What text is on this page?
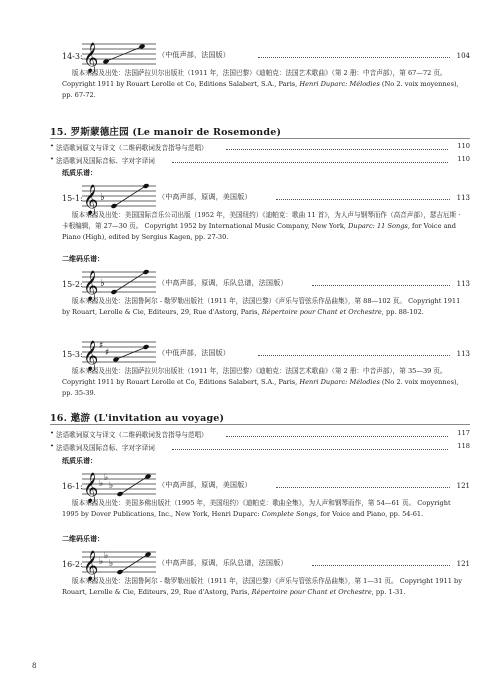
14-3: 𝄞	（中低声部，法国版）	104

版本来源及出处：法国萨拉贝尔出版社（1911 年，法国巴黎）《迪帕克：法国艺术歌曲》（第 2 册：中音声部），第 67—72 页。

Copyright 1911 by Rouart Lerolle et Co, Editions Salabert, S.A., Paris, Henri Duparc: Mélodies (No 2. voix moyennes), pp. 67-72.

15. 罗斯蒙德庄园 (Le manoir de Rosemonde)
• 法语歌词原文与译文（二维码歌词发音指导与范唱）	110
• 法语歌词及国际音标、字对字译词	110
纸质乐谱：
15-1: 𝄞 ♭	（中高声部，原调，美国版）	113

版本来源及出处：美国国际音乐公司出版（1952 年，美国纽约）《迪帕克：歌曲 11 首》，为人声与钢琴而作（高音声部），瑟吉厄斯 · 卡根编辑，第 27—30 页。 Copyright 1952 by International Music Company, New York, Duparc: 11 Songs, for Voice and Piano (High), edited by Sergius Kagen, pp. 27-30.

二维码乐谱：
15-2: 𝄞 ♭	（中高声部，原调，乐队总谱，法国版）	113

版本来源及出处：法国鲁阿尔 - 勒罗勒出版社（1911 年，法国巴黎）《声乐与管弦乐作品曲集》，第 88—102 页。 Copyright 1911 by Rouart, Lerolle & Cie, Editeurs, 29, Rue d'Astorg, Paris, Répertoire pour Chant et Orchestre, pp. 88-102.

15-3: 𝄞 ♯
♯	（中低声部，法国版）	113

版本来源及出处：法国萨拉贝尔出版社（1911 年，法国巴黎）《迪帕克：法国艺术歌曲》（第 2 册：中音声部），第 35—39 页。

Copyright 1911 by Rouart Lerolle et Co, Editions Salabert, S.A., Paris, Henri Duparc: Mélodies (No 2. voix moyennes), pp. 35-39.

16. 邀游 (L'invitation au voyage)
• 法语歌词原文与译文（二维码歌词发音指导与范唱）	117
• 法语歌词及国际音标、字对字译词	118
纸质乐谱：
16-1: 𝄞 ♭
♭
♭	（中高声部，原调，美国版）	121

版本来源及出处：美国多佛出版社（1995 年，美国纽约）《迪帕克：歌曲全集》，为人声和钢琴而作，第 54—61 页。 Copyright 1995 by Dover Publications, Inc., New York, Henri Duparc: Complete Songs, for Voice and Piano, pp. 54-61.

二维码乐谱：
16-2: 𝄞 ♭
♭
♭	（中高声部，原调，乐队总谱，法国版）	121

版本来源及出处：法国鲁阿尔 - 勒罗勒出版社（1911 年，法国巴黎）《声乐与管弦乐作品曲集》，第 1—31 页。 Copyright 1911 by Rouart, Lerolle & Cie, Editeurs, 29, Rue d'Astorg, Paris, Répertoire pour Chant et Orchestre, pp. 1-31.

8
